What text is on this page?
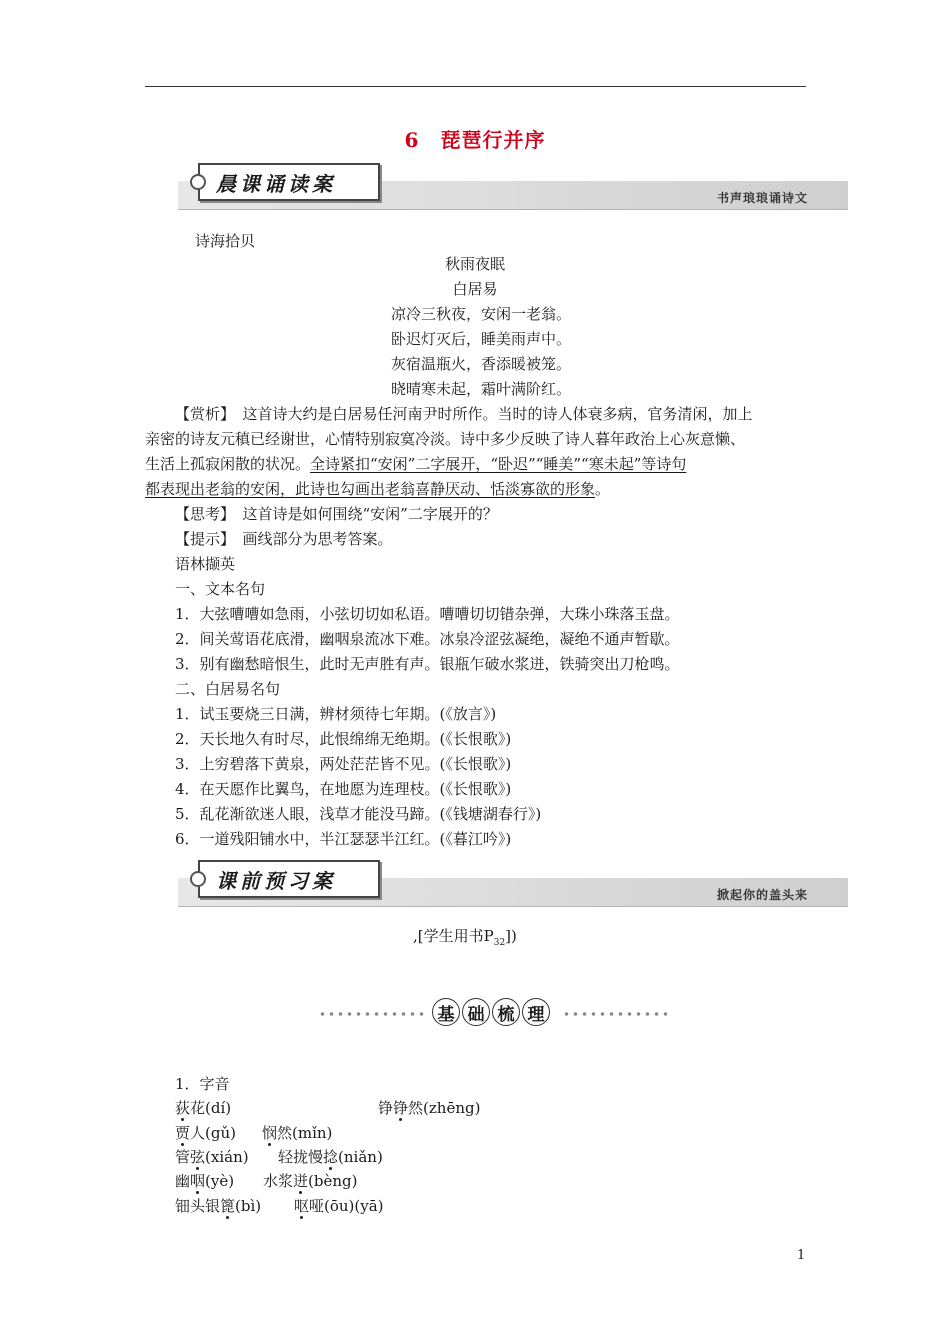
6　琵琶行并序
晨课诵读案
书声琅琅诵诗文
诗海拾贝
秋雨夜眠
白居易
凉冷三秋夜，安闲一老翁。
卧迟灯灭后，睡美雨声中。
灰宿温瓶火，香添暖被笼。
晓晴寒未起，霜叶满阶红。
【赏析】　这首诗大约是白居易任河南尹时所作。当时的诗人体衰多病，官务清闲，加上
亲密的诗友元稹已经谢世，心情特别寂寞冷淡。诗中多少反映了诗人暮年政治上心灰意懒、
生活上孤寂闲散的状况。全诗紧扣“安闲”二字展开，“卧迟”“睡美”“寒未起”等诗句
都表现出老翁的安闲，此诗也勾画出老翁喜静厌动、恬淡寡欲的形象。
【思考】　这首诗是如何围绕“安闲”二字展开的？
【提示】　画线部分为思考答案。
语林撷英
一、文本名句
1．大弦嘈嘈如急雨，小弦切切如私语。嘈嘈切切错杂弹，大珠小珠落玉盘。
2．间关莺语花底滑，幽咽泉流冰下难。冰泉冷涩弦凝绝，凝绝不通声暂歇。
3．别有幽愁暗恨生，此时无声胜有声。银瓶乍破水浆迸，铁骑突出刀枪鸣。
二、白居易名句
1．试玉要烧三日满，辨材须待七年期。(《放言》)
2．天长地久有时尽，此恨绵绵无绝期。(《长恨歌》)
3．上穷碧落下黄泉，两处茫茫皆不见。(《长恨歌》)
4．在天愿作比翼鸟，在地愿为连理枝。(《长恨歌》)
5．乱花渐欲迷人眼，浅草才能没马蹄。(《钱塘湖春行》)
6．一道残阳铺水中，半江瑟瑟半江红。(《暮江吟》)
课前预习案
掀起你的盖头来
,[学生用书$P_{32}$])
基 础 梳 理
1．字音
荻花(dí)	铮铮然(zhēng)
贾人(gǔ) 悯然(mǐn)
管弦(xián) 轻拢慢捻(niǎn)
幽咽(yè) 水浆迸(bèng)
钿头银篦(bì) 呕哑(ōu)(yā)
1
